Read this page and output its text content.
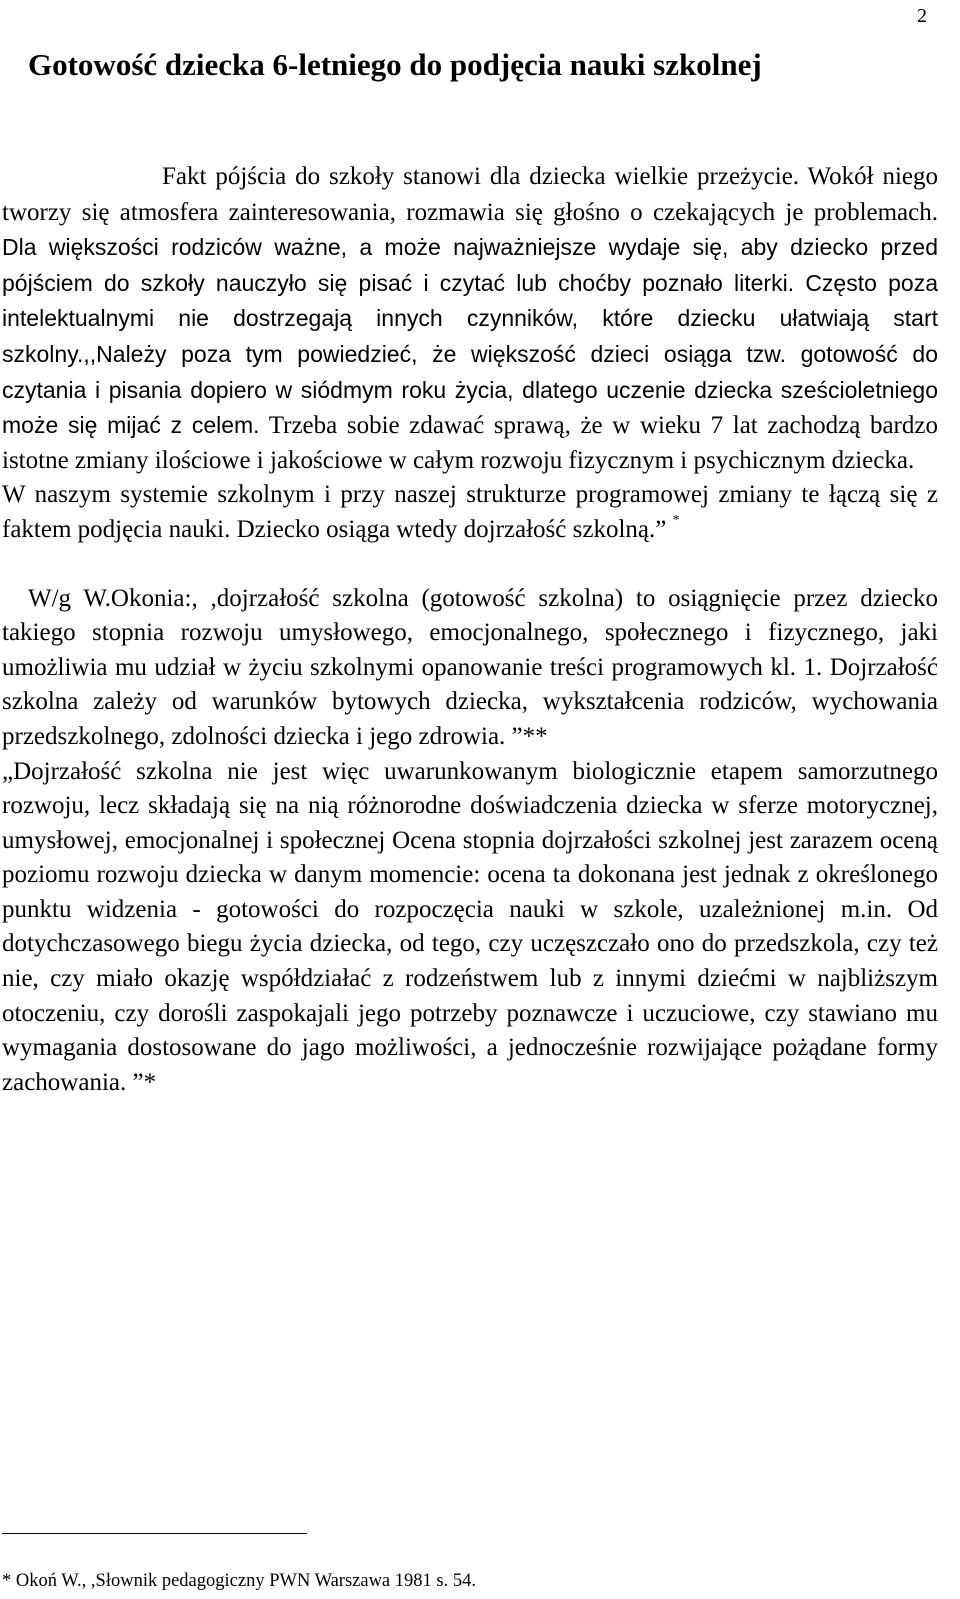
2
Gotowość dziecka 6-letniego do podjęcia nauki szkolnej

Fakt pójścia do szkoły stanowi dla dziecka wielkie przeżycie. Wokół niego tworzy się atmosfera zainteresowania, rozmawia się głośno o czekających je problemach. Dla większości rodziców ważne, a może najważniejsze wydaje się, aby dziecko przed pójściem do szkoły nauczyło się pisać i czytać lub choćby poznało literki. Często poza intelektualnymi nie dostrzegają innych czynników, które dziecku ułatwiają start szkolny.,,Należy poza tym powiedzieć, że większość dzieci osiąga tzw. gotowość do czytania i pisania dopiero w siódmym roku życia, dlatego uczenie dziecka sześcioletniego może się mijać z celem. Trzeba sobie zdawać sprawą, że w wieku 7 lat zachodzą bardzo istotne zmiany ilościowe i jakościowe w całym rozwoju fizycznym i psychicznym dziecka.

W naszym systemie szkolnym i przy naszej strukturze programowej zmiany te łączą się z faktem podjęcia nauki. Dziecko osiąga wtedy dojrzałość szkolną.” *

W/g W.Okonia:, ,dojrzałość szkolna (gotowość szkolna) to osiągnięcie przez dziecko takiego stopnia rozwoju umysłowego, emocjonalnego, społecznego i fizycznego, jaki umożliwia mu udział w życiu szkolnymi opanowanie treści programowych kl. 1. Dojrzałość szkolna zależy od warunków bytowych dziecka, wykształcenia rodziców, wychowania przedszkolnego, zdolności dziecka i jego zdrowia. ”**

„Dojrzałość szkolna nie jest więc uwarunkowanym biologicznie etapem samorzutnego rozwoju, lecz składają się na nią różnorodne doświadczenia dziecka w sferze motorycznej, umysłowej, emocjonalnej i społecznej Ocena stopnia dojrzałości szkolnej jest zarazem oceną poziomu rozwoju dziecka w danym momencie: ocena ta dokonana jest jednak z określonego punktu widzenia - gotowości do rozpoczęcia nauki w szkole, uzależnionej m.in. Od dotychczasowego biegu życia dziecka, od tego, czy uczęszczało ono do przedszkola, czy też nie, czy miało okazję współdziałać z rodzeństwem lub z innymi dziećmi w najbliższym otoczeniu, czy dorośli zaspokajali jego potrzeby poznawcze i uczuciowe, czy stawiano mu wymagania dostosowane do jago możliwości, a jednocześnie rozwijające pożądane formy zachowania. ”*

* Okoń W., ,Słownik pedagogiczny PWN Warszawa 1981 s. 54.
